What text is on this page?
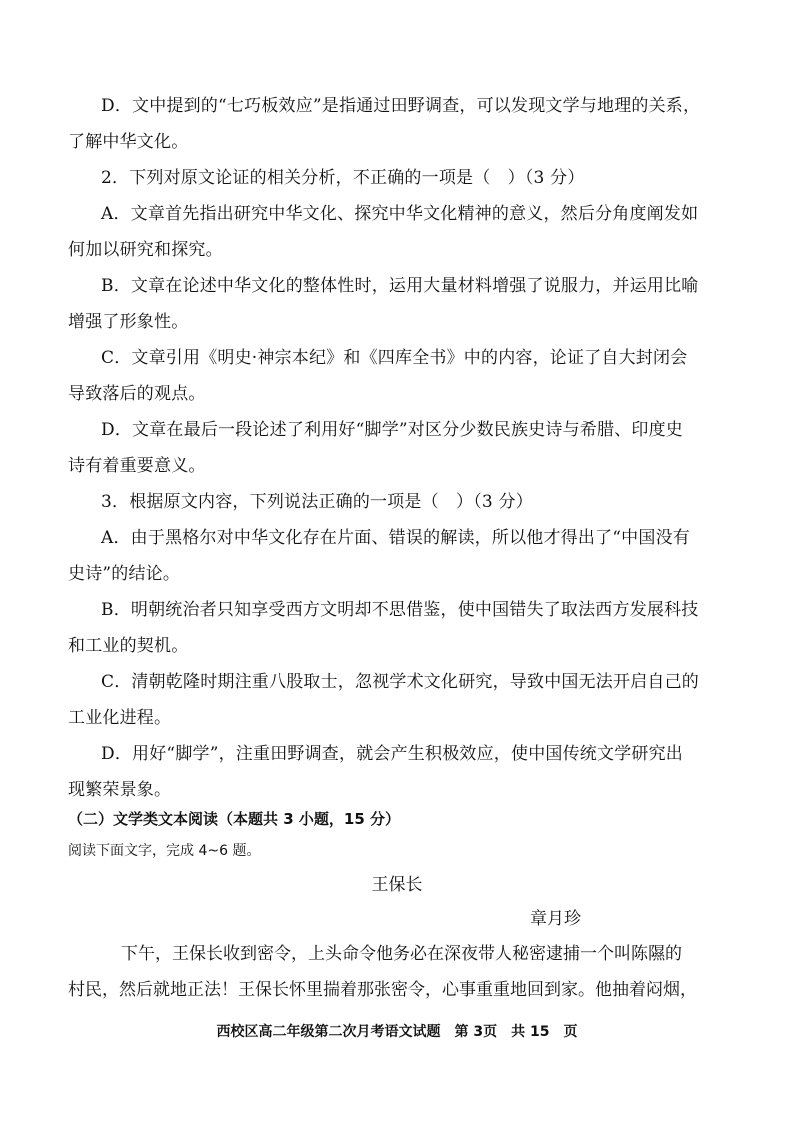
D．文中提到的“七巧板效应”是指通过田野调查，可以发现文学与地理的关系，
了解中华文化。
2．下列对原文论证的相关分析，不正确的一项是（　）（3 分）
A．文章首先指出研究中华文化、探究中华文化精神的意义，然后分角度阐发如
何加以研究和探究。
B．文章在论述中华文化的整体性时，运用大量材料增强了说服力，并运用比喻
增强了形象性。
C．文章引用《明史·神宗本纪》和《四库全书》中的内容，论证了自大封闭会
导致落后的观点。
D．文章在最后一段论述了利用好“脚学”对区分少数民族史诗与希腊、印度史
诗有着重要意义。
3．根据原文内容，下列说法正确的一项是（　）（3 分）
A．由于黑格尔对中华文化存在片面、错误的解读，所以他才得出了“中国没有
史诗”的结论。
B．明朝统治者只知享受西方文明却不思借鉴，使中国错失了取法西方发展科技
和工业的契机。
C．清朝乾隆时期注重八股取士，忽视学术文化研究，导致中国无法开启自己的
工业化进程。
D．用好“脚学”，注重田野调查，就会产生积极效应，使中国传统文学研究出
现繁荣景象。
（二）文学类文本阅读（本题共 3 小题，15 分）
阅读下面文字，完成 4~6 题。
王保长
章月珍
下午，王保长收到密令，上头命令他务必在深夜带人秘密逮捕一个叫陈隰的
村民，然后就地正法！王保长怀里揣着那张密令，心事重重地回到家。他抽着闷烟，
西校区高二年级第二次月考语文试题　第 3页　共 15　页
